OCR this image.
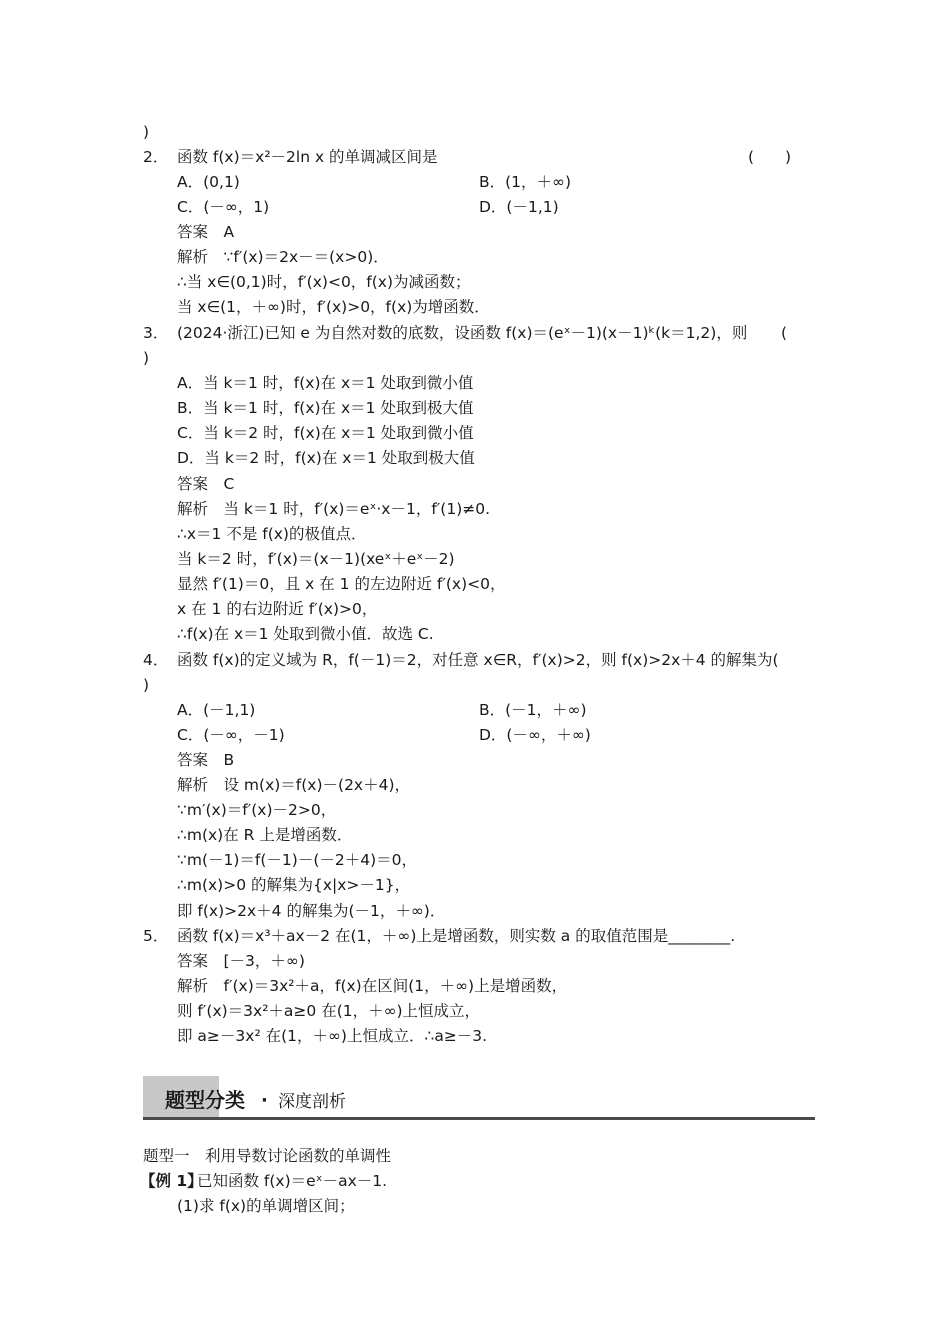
)
2． 函数 f(x)＝x²－2ln x 的单调减区间是	(　　)
A．(0,1)	B．(1，＋∞)
C．(－∞，1)	D．(－1,1)
答案　A
解析　∵f′(x)＝2x－＝(x>0)．
∴当 x∈(0,1)时，f′(x)<0，f(x)为减函数；
当 x∈(1，＋∞)时，f′(x)>0，f(x)为增函数．
3． (2024·浙江)已知 e 为自然对数的底数，设函数 f(x)＝(eˣ－1)(x－1)ᵏ(k＝1,2)，则 (
)
A．当 k＝1 时，f(x)在 x＝1 处取到微小值
B．当 k＝1 时，f(x)在 x＝1 处取到极大值
C．当 k＝2 时，f(x)在 x＝1 处取到微小值
D．当 k＝2 时，f(x)在 x＝1 处取到极大值
答案　C
解析　当 k＝1 时，f′(x)＝eˣ·x－1，f′(1)≠0.
∴x＝1 不是 f(x)的极值点．
当 k＝2 时，f′(x)＝(x－1)(xeˣ＋eˣ－2)
显然 f′(1)＝0，且 x 在 1 的左边附近 f′(x)<0，
x 在 1 的右边附近 f′(x)>0，
∴f(x)在 x＝1 处取到微小值．故选 C.
4． 函数 f(x)的定义域为 R，f(－1)＝2，对任意 x∈R，f′(x)>2，则 f(x)>2x＋4 的解集为(
)
A．(－1,1)	B．(－1，＋∞)
C．(－∞，－1)	D．(－∞，＋∞)
答案　B
解析　设 m(x)＝f(x)－(2x＋4)，
∵m′(x)＝f′(x)－2>0，
∴m(x)在 R 上是增函数．
∵m(－1)＝f(－1)－(－2＋4)＝0，
∴m(x)>0 的解集为{x|x>－1}，
即 f(x)>2x＋4 的解集为(－1，＋∞)．
5． 函数 f(x)＝x³＋ax－2 在(1，＋∞)上是增函数，则实数 a 的取值范围是________.
答案　[－3，＋∞)
解析　f′(x)＝3x²＋a，f(x)在区间(1，＋∞)上是增函数，
则 f′(x)＝3x²＋a≥0 在(1，＋∞)上恒成立，
即 a≥－3x² 在(1，＋∞)上恒成立．∴a≥－3.
题型分类 · 深度剖析
题型一　利用导数讨论函数的单调性
【例 1】
已知函数 f(x)＝eˣ－ax－1.
(1)求 f(x)的单调增区间；
